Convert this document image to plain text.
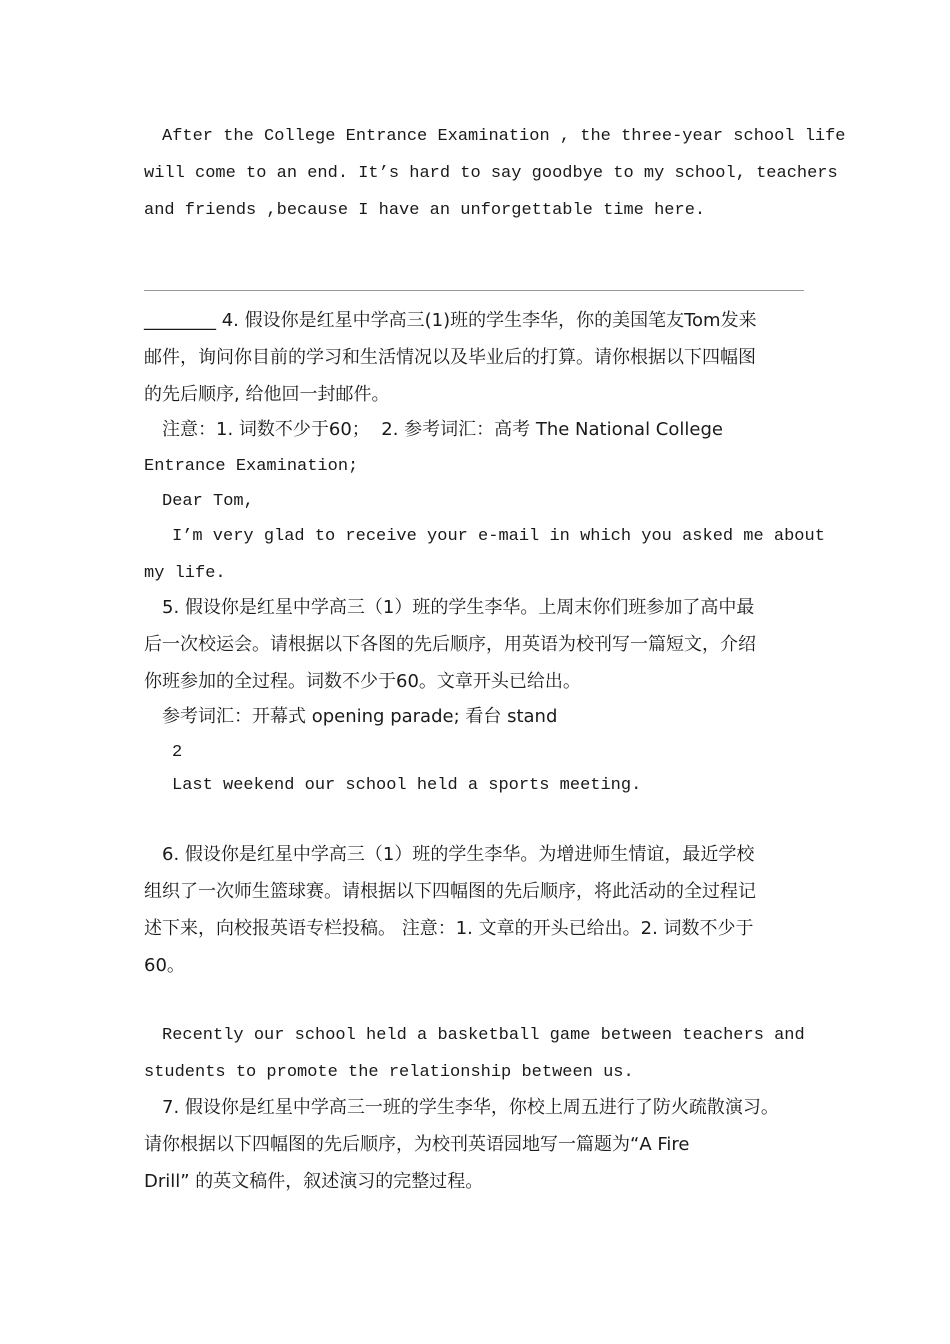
After the College Entrance Examination , the three-year school life
will come to an end. It’s hard to say goodbye to my school, teachers
and friends ,because I have an unforgettable time here.
________ 4. 假设你是红星中学高三(1)班的学生李华，你的美国笔友Tom发来
邮件，询问你目前的学习和生活情况以及毕业后的打算。请你根据以下四幅图
的先后顺序, 给他回一封邮件。
注意：1. 词数不少于60；  2. 参考词汇：高考 The National College
Entrance Examination;
Dear Tom,
I’m very glad to receive your e-mail in which you asked me about
my life.
5. 假设你是红星中学高三（1）班的学生李华。上周末你们班参加了高中最
后一次校运会。请根据以下各图的先后顺序，用英语为校刊写一篇短文，介绍
你班参加的全过程。词数不少于60。文章开头已给出。
参考词汇：开幕式 opening parade; 看台 stand
2
Last weekend our school held a sports meeting.
6. 假设你是红星中学高三（1）班的学生李华。为增进师生情谊，最近学校
组织了一次师生篮球赛。请根据以下四幅图的先后顺序，将此活动的全过程记
述下来，向校报英语专栏投稿。 注意：1. 文章的开头已给出。2. 词数不少于
60。
Recently our school held a basketball game between teachers and
students to promote the relationship between us.
7. 假设你是红星中学高三一班的学生李华，你校上周五进行了防火疏散演习。
请你根据以下四幅图的先后顺序，为校刊英语园地写一篇题为“A Fire
Drill” 的英文稿件，叙述演习的完整过程。
